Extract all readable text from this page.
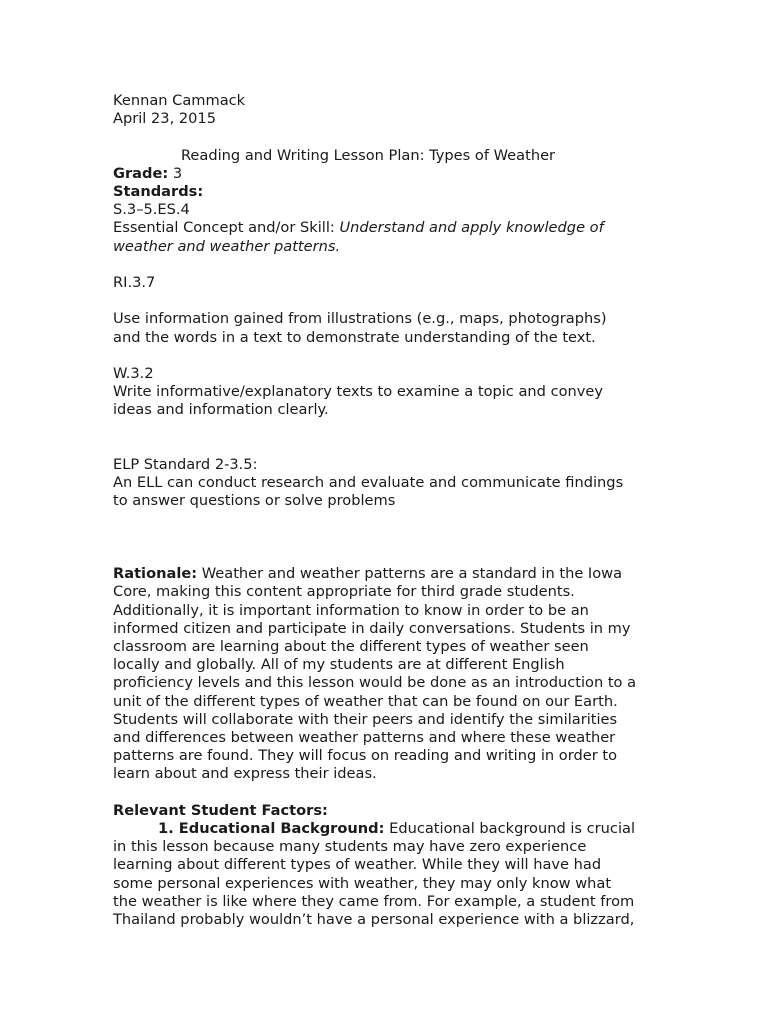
Kennan Cammack
April 23, 2015
Reading and Writing Lesson Plan: Types of Weather
Grade: 3
Standards:
S.3–5.ES.4
Essential Concept and/or Skill: Understand and apply knowledge of
weather and weather patterns.
RI.3.7
Use information gained from illustrations (e.g., maps, photographs)
and the words in a text to demonstrate understanding of the text.
W.3.2
Write informative/explanatory texts to examine a topic and convey
ideas and information clearly.
ELP Standard 2-3.5:
An ELL can conduct research and evaluate and communicate findings
to answer questions or solve problems
Rationale: Weather and weather patterns are a standard in the Iowa
Core, making this content appropriate for third grade students.
Additionally, it is important information to know in order to be an
informed citizen and participate in daily conversations. Students in my
classroom are learning about the different types of weather seen
locally and globally. All of my students are at different English
proficiency levels and this lesson would be done as an introduction to a
unit of the different types of weather that can be found on our Earth.
Students will collaborate with their peers and identify the similarities
and differences between weather patterns and where these weather
patterns are found. They will focus on reading and writing in order to
learn about and express their ideas.
Relevant Student Factors:
1. Educational Background: Educational background is crucial
in this lesson because many students may have zero experience
learning about different types of weather. While they will have had
some personal experiences with weather, they may only know what
the weather is like where they came from. For example, a student from
Thailand probably wouldn’t have a personal experience with a blizzard,
